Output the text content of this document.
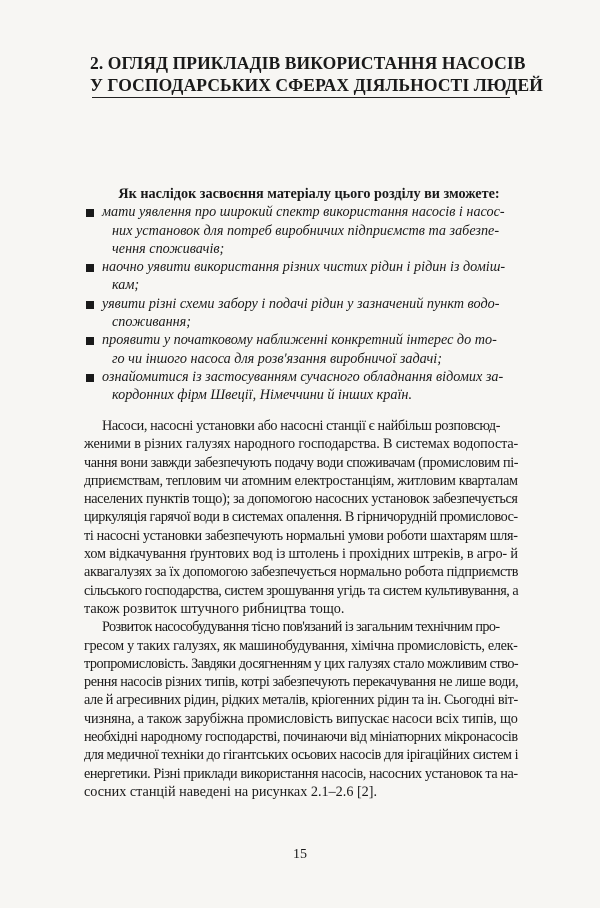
2. ОГЛЯД ПРИКЛАДІВ ВИКОРИСТАННЯ НАСОСІВ
У ГОСПОДАРСЬКИХ СФЕРАХ ДІЯЛЬНОСТІ ЛЮДЕЙ
Як наслідок засвоєння матеріалу цього розділу ви зможете:
мати уявлення про широкий спектр використання насосів і насос-
них установок для потреб виробничих підприємств та забезпе-
чення споживачів;
наочно уявити використання різних чистих рідин і рідин із доміш-
кам;
уявити різні схеми забору і подачі рідин у зазначений пункт водо-
споживання;
проявити у початковому наближенні конкретний інтерес до то-
го чи іншого насоса для розв'язання виробничої задачі;
ознайомитися із застосуванням сучасного обладнання відомих за-
кордонних фірм Швеції, Німеччини й інших країн.
Насоси, насосні установки або насосні станції є найбільш розповсюд-
женими в різних галузях народного господарства. В системах водопоста-
чання вони завжди забезпечують подачу води споживачам (промисловим пі-
дприємствам, тепловим чи атомним електростанціям, житловим кварталам
населених пунктів тощо); за допомогою насосних установок забезпечується
циркуляція гарячої води в системах опалення. В гірничорудній промисловос-
ті насосні установки забезпечують нормальні умови роботи шахтарям шля-
хом відкачування ґрунтових вод із штолень і прохідних штреків, в агро- й
аквагалузях за їх допомогою забезпечується нормально робота підприємств
сільського господарства, систем зрошування угідь та систем культивування, а
також розвиток штучного рибництва тощо.
Розвиток насособудування тісно пов'язаний із загальним технічним про-
гресом у таких галузях, як машинобудування, хімічна промисловість, елек-
тропромисловість. Завдяки досягненням у цих галузях стало можливим ство-
рення насосів різних типів, котрі забезпечують перекачування не лише води,
але й агресивних рідин, рідких металів, кріогенних рідин та ін. Сьогодні віт-
чизняна, а також зарубіжна промисловість випускає насоси всіх типів, що
необхідні народному господарстві, починаючи від мініатюрних мікронасосів
для медичної техніки до гігантських осьових насосів для ірігаційних систем і
енергетики. Різні приклади використання насосів, насосних установок та на-
сосних станцій наведені на рисунках 2.1–2.6 [2].
15
